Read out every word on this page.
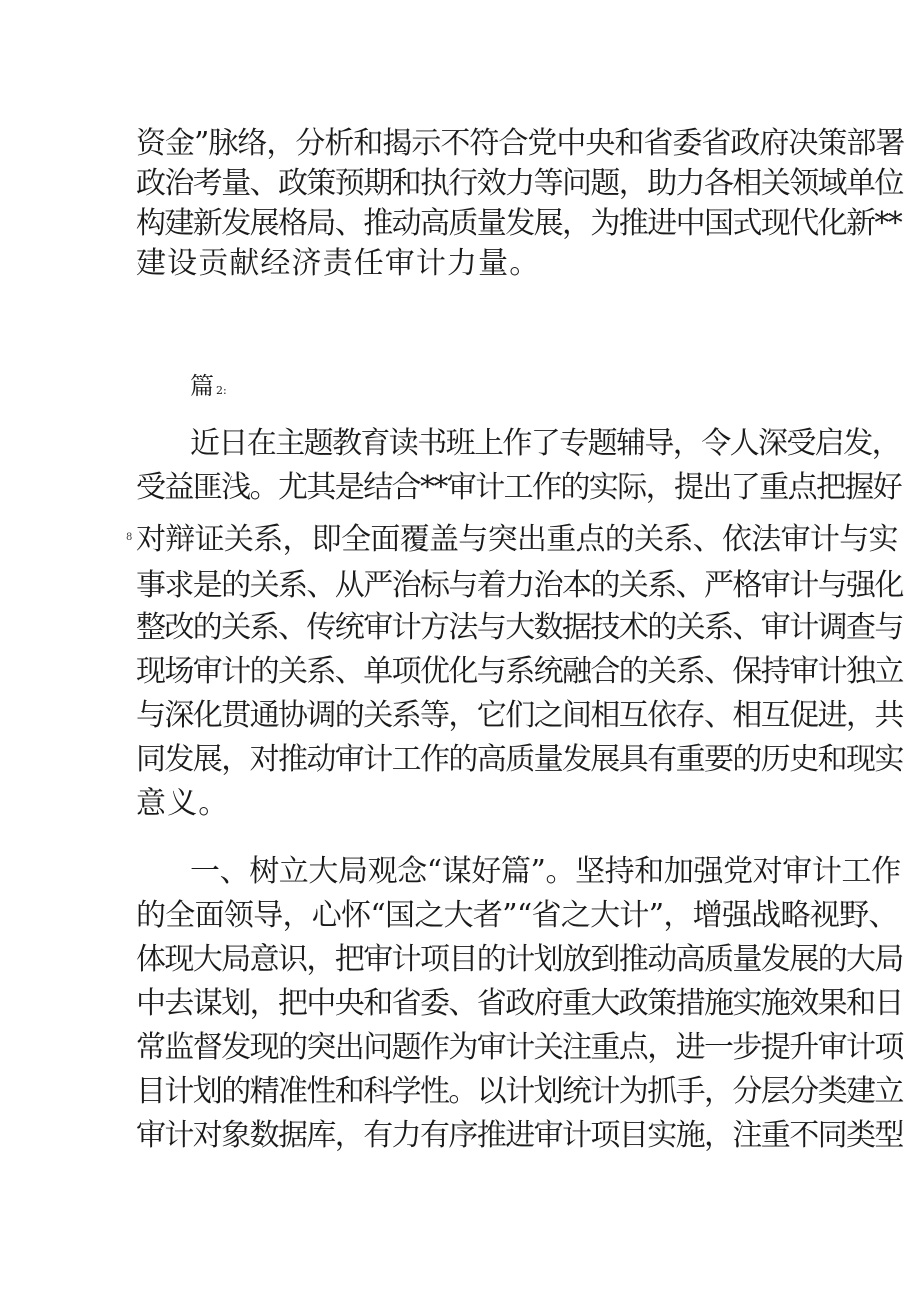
资金”脉络，分析和揭示不符合党中央和省委省政府决策部署
政治考量、政策预期和执行效力等问题，助力各相关领域单位
构建新发展格局、推动高质量发展，为推进中国式现代化新**
建设贡献经济责任审计力量。
篇 2:
8
近日在主题教育读书班上作了专题辅导，令人深受启发，
受益匪浅。尤其是结合**审计工作的实际，提出了重点把握好
对辩证关系，即全面覆盖与突出重点的关系、依法审计与实
事求是的关系、从严治标与着力治本的关系、严格审计与强化
整改的关系、传统审计方法与大数据技术的关系、审计调查与
现场审计的关系、单项优化与系统融合的关系、保持审计独立
与深化贯通协调的关系等，它们之间相互依存、相互促进，共
同发展，对推动审计工作的高质量发展具有重要的历史和现实
意义。
一、树立大局观念“谋好篇”。坚持和加强党对审计工作
的全面领导，心怀“国之大者”“省之大计”，增强战略视野、
体现大局意识，把审计项目的计划放到推动高质量发展的大局
中去谋划，把中央和省委、省政府重大政策措施实施效果和日
常监督发现的突出问题作为审计关注重点，进一步提升审计项
目计划的精准性和科学性。以计划统计为抓手，分层分类建立
审计对象数据库，有力有序推进审计项目实施，注重不同类型
